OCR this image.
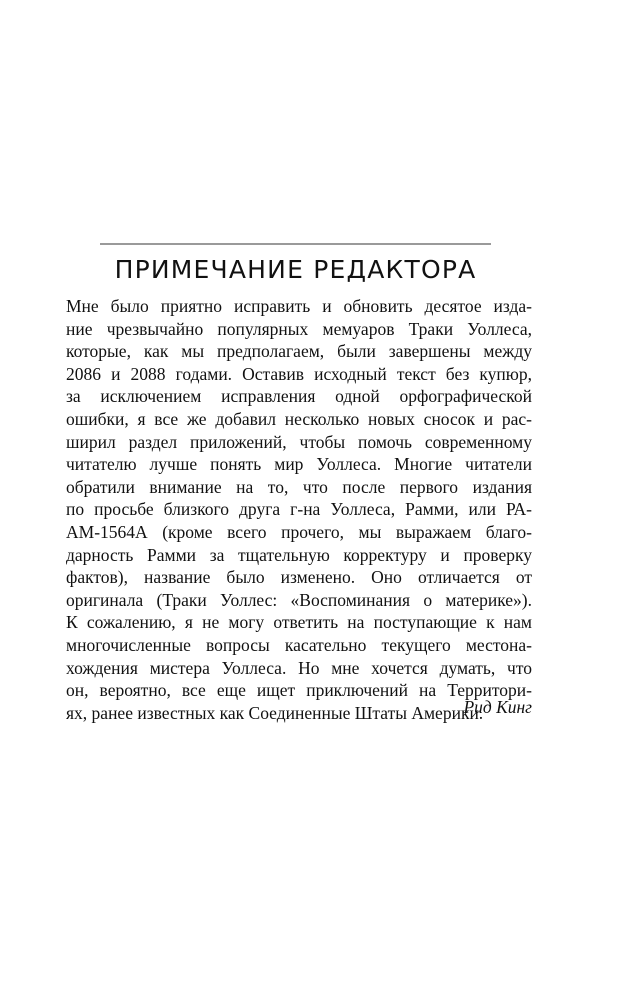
ПРИМЕЧАНИЕ РЕДАКТОРА
Мне было приятно исправить и обновить десятое изда-
ние чрезвычайно популярных мемуаров Траки Уоллеса,
которые, как мы предполагаем, были завершены между
2086 и 2088 годами. Оставив исходный текст без купюр,
за исключением исправления одной орфографической
ошибки, я все же добавил несколько новых сносок и рас-
ширил раздел приложений, чтобы помочь современному
читателю лучше понять мир Уоллеса. Многие читатели
обратили внимание на то, что после первого издания
по просьбе близкого друга г-на Уоллеса, Рамми, или РА-
АМ-1564А (кроме всего прочего, мы выражаем благо-
дарность Рамми за тщательную корректуру и проверку
фактов), название было изменено. Оно отличается от
оригинала (Траки Уоллес: «Воспоминания о материке»).
К сожалению, я не могу ответить на поступающие к нам
многочисленные вопросы касательно текущего местона-
хождения мистера Уоллеса. Но мне хочется думать, что
он, вероятно, все еще ищет приключений на Территори-
ях, ранее известных как Соединенные Штаты Америки.
Рид Кинг
